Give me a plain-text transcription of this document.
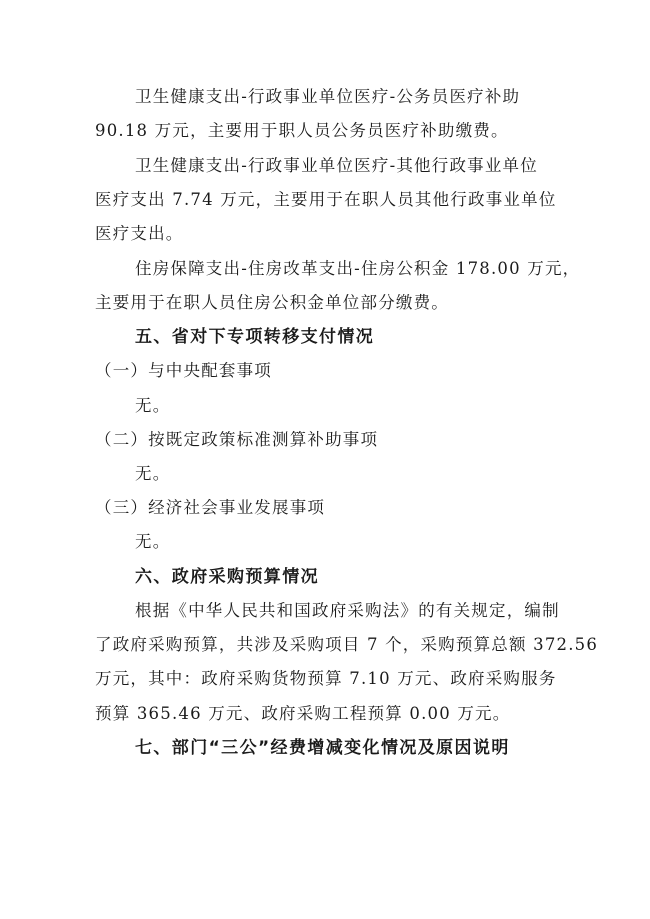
卫生健康支出-行政事业单位医疗-公务员医疗补助
90.18 万元，主要用于职人员公务员医疗补助缴费。
卫生健康支出-行政事业单位医疗-其他行政事业单位
医疗支出 7.74 万元，主要用于在职人员其他行政事业单位
医疗支出。
住房保障支出-住房改革支出-住房公积金 178.00 万元，
主要用于在职人员住房公积金单位部分缴费。
五、省对下专项转移支付情况
（一）与中央配套事项
无。
（二）按既定政策标准测算补助事项
无。
（三）经济社会事业发展事项
无。
六、政府采购预算情况
根据《中华人民共和国政府采购法》的有关规定，编制
了政府采购预算，共涉及采购项目 7 个，采购预算总额 372.56
万元，其中：政府采购货物预算 7.10 万元、政府采购服务
预算 365.46 万元、政府采购工程预算 0.00 万元。
七、部门“三公”经费增减变化情况及原因说明
